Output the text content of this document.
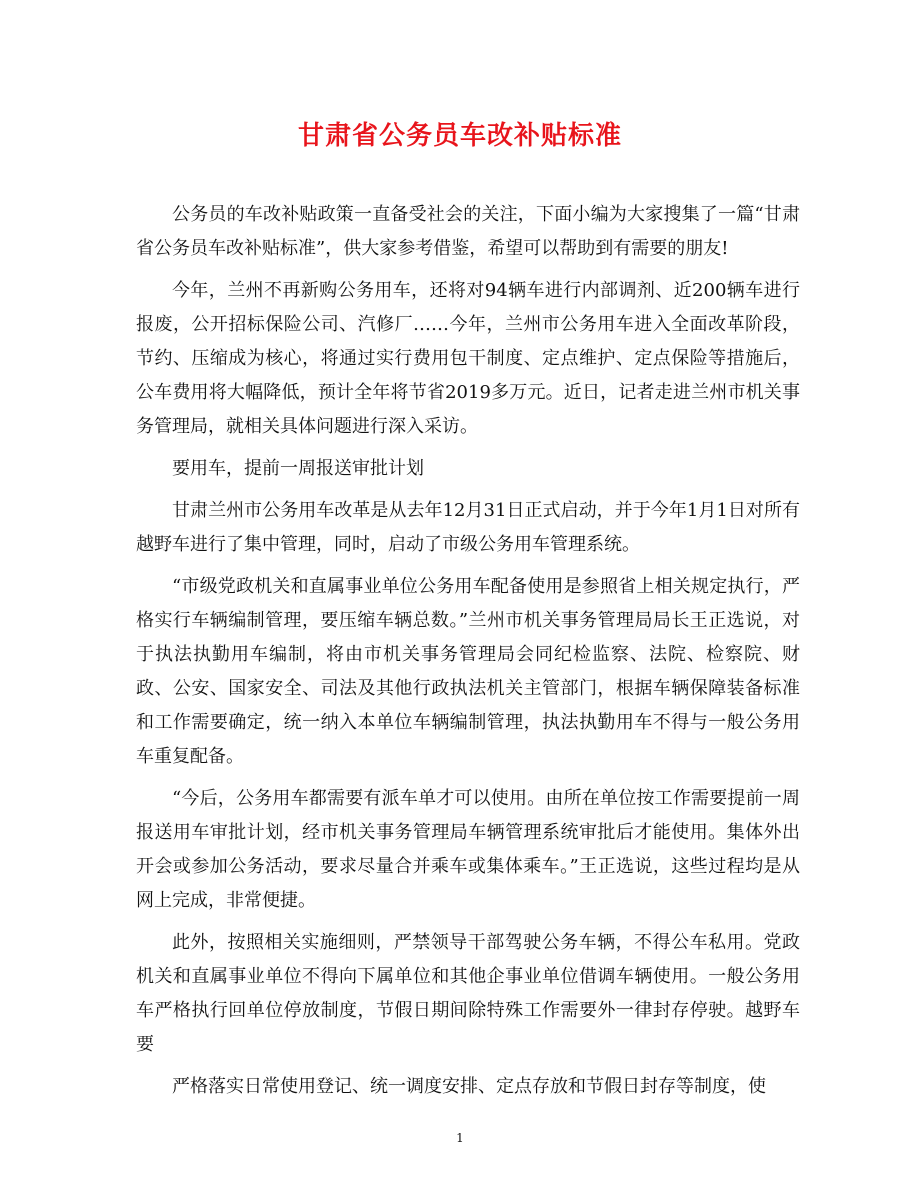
甘肃省公务员车改补贴标准

公务员的车改补贴政策一直备受社会的关注，下面小编为大家搜集了一篇“甘肃省公务员车改补贴标准”，供大家参考借鉴，希望可以帮助到有需要的朋友!

今年，兰州不再新购公务用车，还将对94辆车进行内部调剂、近200辆车进行报废，公开招标保险公司、汽修厂……今年，兰州市公务用车进入全面改革阶段，节约、压缩成为核心，将通过实行费用包干制度、定点维护、定点保险等措施后，公车费用将大幅降低，预计全年将节省2019多万元。近日，记者走进兰州市机关事务管理局，就相关具体问题进行深入采访。

要用车，提前一周报送审批计划

甘肃兰州市公务用车改革是从去年12月31日正式启动，并于今年1月1日对所有越野车进行了集中管理，同时，启动了市级公务用车管理系统。

“市级党政机关和直属事业单位公务用车配备使用是参照省上相关规定执行，严格实行车辆编制管理，要压缩车辆总数。”兰州市机关事务管理局局长王正选说，对于执法执勤用车编制，将由市机关事务管理局会同纪检监察、法院、检察院、财政、公安、国家安全、司法及其他行政执法机关主管部门，根据车辆保障装备标准和工作需要确定，统一纳入本单位车辆编制管理，执法执勤用车不得与一般公务用车重复配备。

“今后，公务用车都需要有派车单才可以使用。由所在单位按工作需要提前一周报送用车审批计划，经市机关事务管理局车辆管理系统审批后才能使用。集体外出开会或参加公务活动，要求尽量合并乘车或集体乘车。”王正选说，这些过程均是从网上完成，非常便捷。

此外，按照相关实施细则，严禁领导干部驾驶公务车辆，不得公车私用。党政机关和直属事业单位不得向下属单位和其他企事业单位借调车辆使用。一般公务用车严格执行回单位停放制度，节假日期间除特殊工作需要外一律封存停驶。越野车要

严格落实日常使用登记、统一调度安排、定点存放和节假日封存等制度，使

1
